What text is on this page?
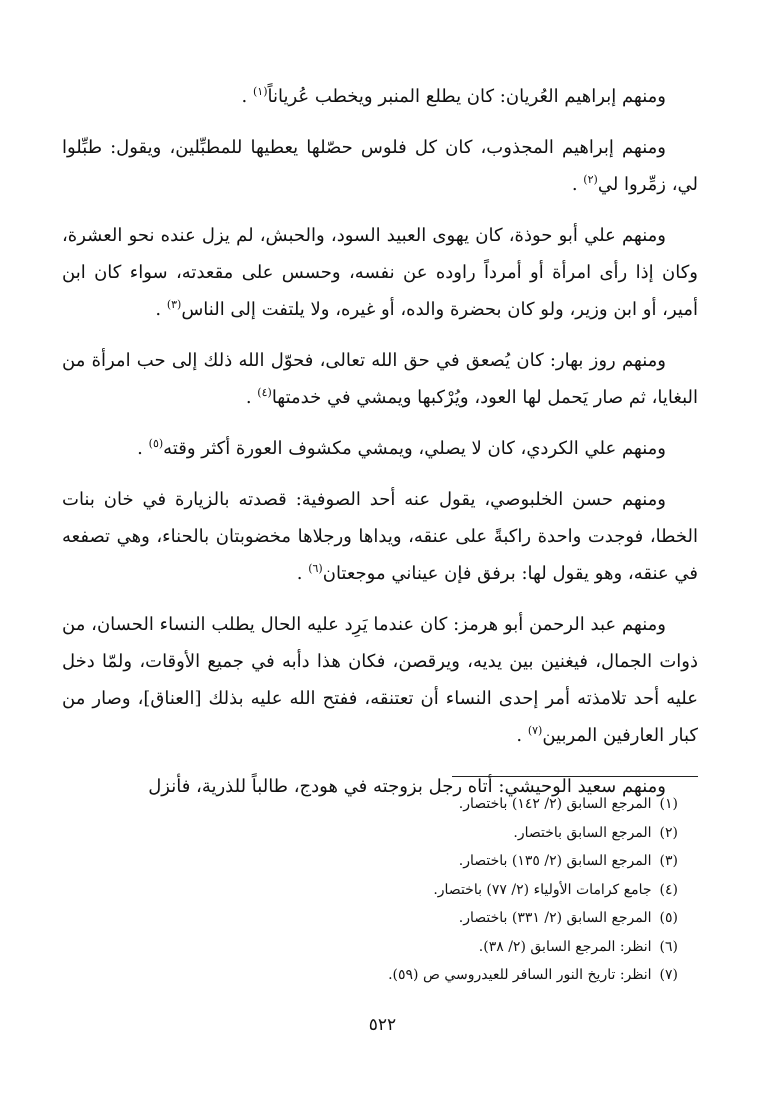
ومنهم إبراهيم العُريان: كان يطلع المنبر ويخطب عُرياناً$^{(١)}$ .

ومنهم إبراهيم المجذوب، كان كل فلوس حصّلها يعطيها للمطبِّلين، ويقول: طبِّلوا لي، زمِّروا لي$^{(٢)}$ .

ومنهم علي أبو حوذة، كان يهوى العبيد السود، والحبش، لم يزل عنده نحو العشرة، وكان إذا رأى امرأة أو أمرداً راوده عن نفسه، وحسس على مقعدته، سواء كان ابن أمير، أو ابن وزير، ولو كان بحضرة والده، أو غيره، ولا يلتفت إلى الناس$^{(٣)}$ .

ومنهم روز بهار: كان يُصعق في حق الله تعالى، فحوّل الله ذلك إلى حب امرأة من البغايا، ثم صار يَحمل لها العود، ويُرْكبها ويمشي في خدمتها$^{(٤)}$ .

ومنهم علي الكردي، كان لا يصلي، ويمشي مكشوف العورة أكثر وقته$^{(٥)}$ .

ومنهم حسن الخلبوصي، يقول عنه أحد الصوفية: قصدته بالزيارة في خان بنات الخطا، فوجدت واحدة راكبةً على عنقه، ويداها ورجلاها مخضوبتان بالحناء، وهي تصفعه في عنقه، وهو يقول لها: برفق فإن عيناني موجعتان$^{(٦)}$ .

ومنهم عبد الرحمن أبو هرمز: كان عندما يَرِد عليه الحال يطلب النساء الحسان، من ذوات الجمال، فيغنين بين يديه، ويرقصن، فكان هذا دأبه في جميع الأوقات، ولمّا دخل عليه أحد تلامذته أمر إحدى النساء أن تعتنقه، ففتح الله عليه بذلك [العناق]، وصار من كبار العارفين المربين$^{(٧)}$ .

ومنهم سعيد الوحيشي: أتاه رجل بزوجته في هودج، طالباً للذرية، فأنزل

(١) المرجع السابق (٢/ ١٤٢) باختصار.
(٢) المرجع السابق باختصار.
(٣) المرجع السابق (٢/ ١٣٥) باختصار.
(٤) جامع كرامات الأولياء (٢/ ٧٧) باختصار.
(٥) المرجع السابق (٢/ ٣٣١) باختصار.
(٦) انظر: المرجع السابق (٢/ ٣٨).
(٧) انظر: تاريخ النور السافر للعيدروسي ص (٥٩).
٥٢٢
